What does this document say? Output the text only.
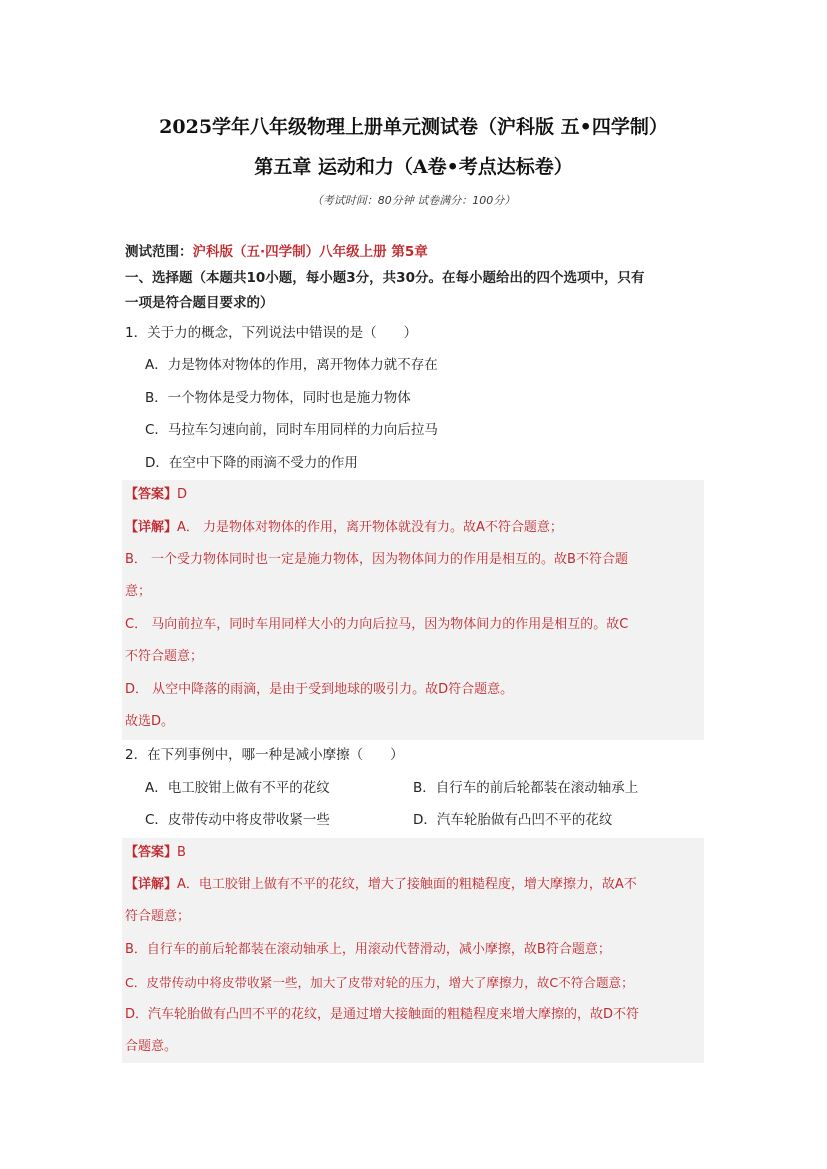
2025学年八年级物理上册单元测试卷（沪科版 五•四学制）
第五章 运动和力（A卷•考点达标卷）
（考试时间：80分钟 试卷满分：100分）
测试范围：沪科版（五·四学制）八年级上册 第5章
一、选择题（本题共10小题，每小题3分，共30分。在每小题给出的四个选项中，只有
一项是符合题目要求的）
1．关于力的概念，下列说法中错误的是（　　）
A．力是物体对物体的作用，离开物体力就不存在
B．一个物体是受力物体，同时也是施力物体
C．马拉车匀速向前，同时车用同样的力向后拉马
D．在空中下降的雨滴不受力的作用
【答案】D
【详解】A． 力是物体对物体的作用，离开物体就没有力。故A不符合题意；
B． 一个受力物体同时也一定是施力物体，因为物体间力的作用是相互的。故B不符合题
意；
C． 马向前拉车，同时车用同样大小的力向后拉马，因为物体间力的作用是相互的。故C
不符合题意；
D． 从空中降落的雨滴，是由于受到地球的吸引力。故D符合题意。
故选D。
2．在下列事例中，哪一种是减小摩擦（　　）
A．电工胶钳上做有不平的花纹	B．自行车的前后轮都装在滚动轴承上
C．皮带传动中将皮带收紧一些	D．汽车轮胎做有凸凹不平的花纹
【答案】B
【详解】A．电工胶钳上做有不平的花纹，增大了接触面的粗糙程度，增大摩擦力，故A不
符合题意；
B．自行车的前后轮都装在滚动轴承上，用滚动代替滑动，减小摩擦，故B符合题意；
C．皮带传动中将皮带收紧一些，加大了皮带对轮的压力，增大了摩擦力，故C不符合题意；
D．汽车轮胎做有凸凹不平的花纹，是通过增大接触面的粗糙程度来增大摩擦的，故D不符
合题意。
